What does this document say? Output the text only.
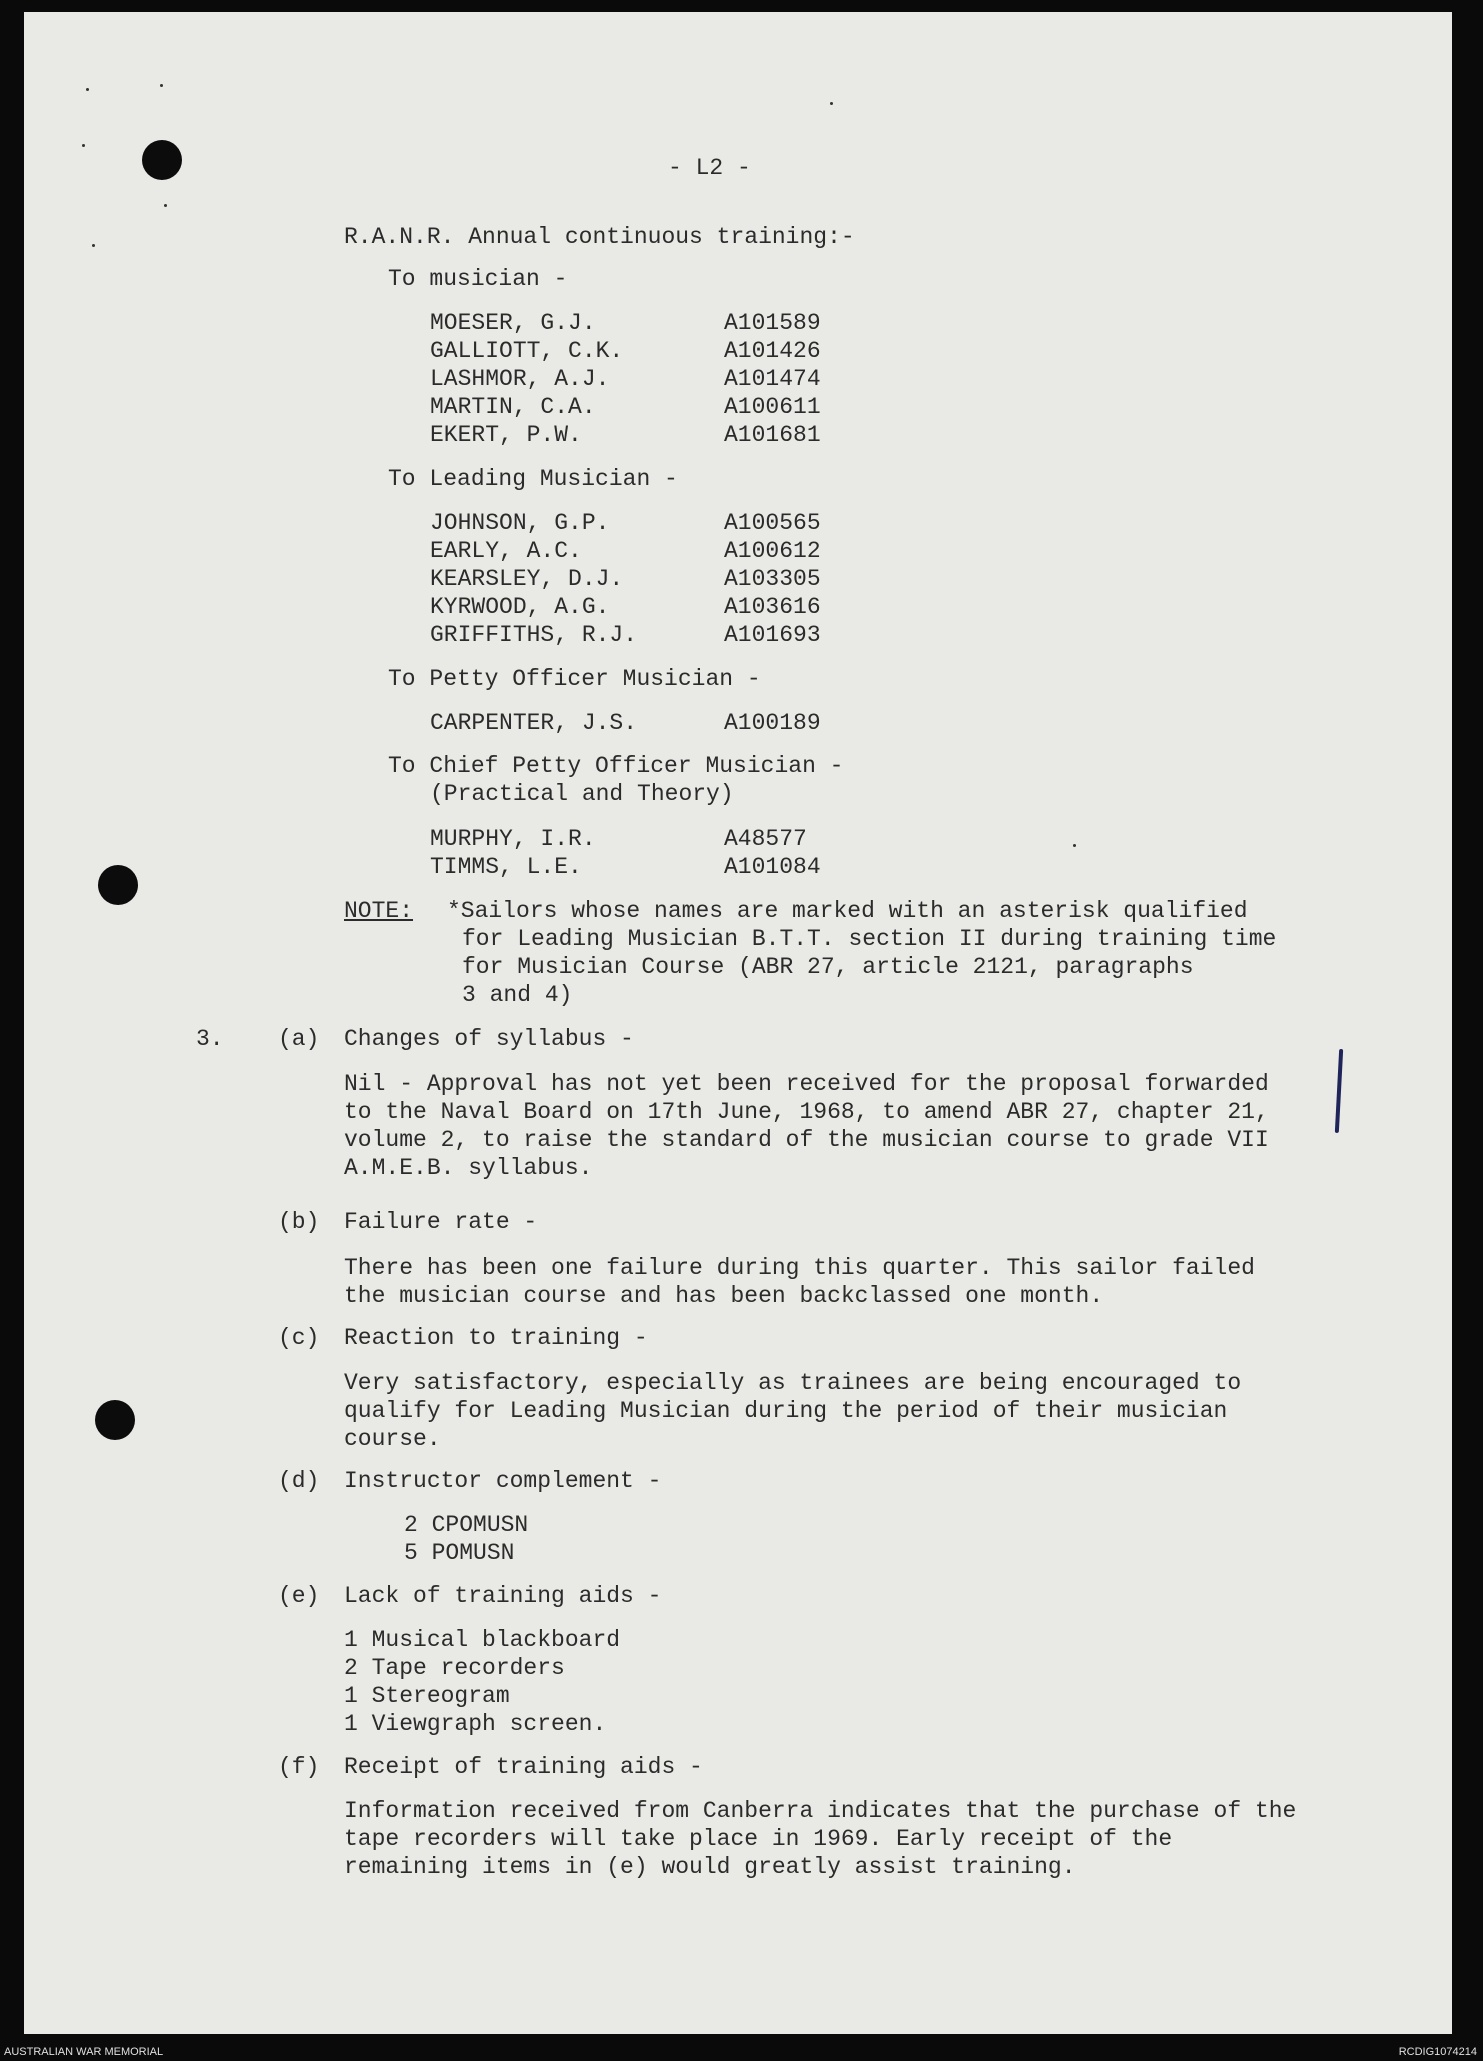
- L2 -
R.A.N.R. Annual continuous training:-
To musician -
MOESER, G.J.	A101589
GALLIOTT, C.K.	A101426
LASHMOR, A.J.	A101474
MARTIN, C.A.	A100611
EKERT, P.W.	A101681
To Leading Musician -
JOHNSON, G.P.	A100565
EARLY, A.C.	A100612
KEARSLEY, D.J.	A103305
KYRWOOD, A.G.	A103616
GRIFFITHS, R.J.	A101693
To Petty Officer Musician -
CARPENTER, J.S.	A100189
To Chief Petty Officer Musician -
(Practical and Theory)
MURPHY, I.R.	A48577
TIMMS, L.E.	A101084
NOTE: *Sailors whose names are marked with an asterisk qualified
for Leading Musician B.T.T. section II during training time
for Musician Course (ABR 27, article 2121, paragraphs
3 and 4)
3. (a) Changes of syllabus -
Nil - Approval has not yet been received for the proposal forwarded
to the Naval Board on 17th June, 1968, to amend ABR 27, chapter 21,
volume 2, to raise the standard of the musician course to grade VII
A.M.E.B. syllabus.
(b) Failure rate -
There has been one failure during this quarter. This sailor failed
the musician course and has been backclassed one month.
(c) Reaction to training -
Very satisfactory, especially as trainees are being encouraged to
qualify for Leading Musician during the period of their musician
course.
(d) Instructor complement -
2 CPOMUSN
5 POMUSN
(e) Lack of training aids -
1 Musical blackboard
2 Tape recorders
1 Stereogram
1 Viewgraph screen.
(f) Receipt of training aids -
Information received from Canberra indicates that the purchase of the
tape recorders will take place in 1969. Early receipt of the
remaining items in (e) would greatly assist training.
AUSTRALIAN WAR MEMORIAL	RCDIG1074214
